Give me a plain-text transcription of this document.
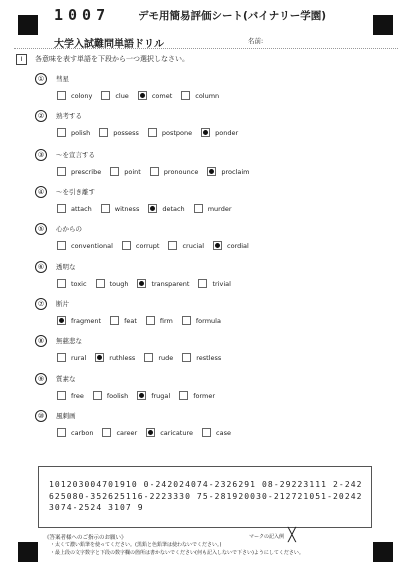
1007	デモ用簡易評価シート(バイナリー学園)
大学入試難問単語ドリル	名前:
I	各意味を表す単語を下段から一つ選択しなさい。
①	彗星
colony	clue	comet	column
②	熟考する
polish	possess	postpone	ponder
③	～を宣言する
prescribe	point	pronounce	proclaim
④	～を引き離す
attach	witness	detach	murder
⑤	心からの
conventional	corrupt	crucial	cordial
⑥	透明な
toxic	tough	transparent	trivial
⑦	断片
fragment	feat	firm	formula
⑧	無慈悲な
rural	ruthless	rude	restless
⑨	質素な
free	foolish	frugal	former
⑩	風刺画
carbon	career	caricature	case
101203004701910 0-242024074-2326291 08-29223111 2-242625080-352625116-2223330 75-281920030-212721051-202423074-2524 3107 9
《答案者様へのご指示のお願い》
・太くて濃い鉛筆を使ってください。(黒鉛と色鉛筆は使わないでください。)
・最上段の文字数字と下段の数字欄の箇所は書かないでください(何も記入しないで下さい)ようにしてください。
マークの記入例 ╳
